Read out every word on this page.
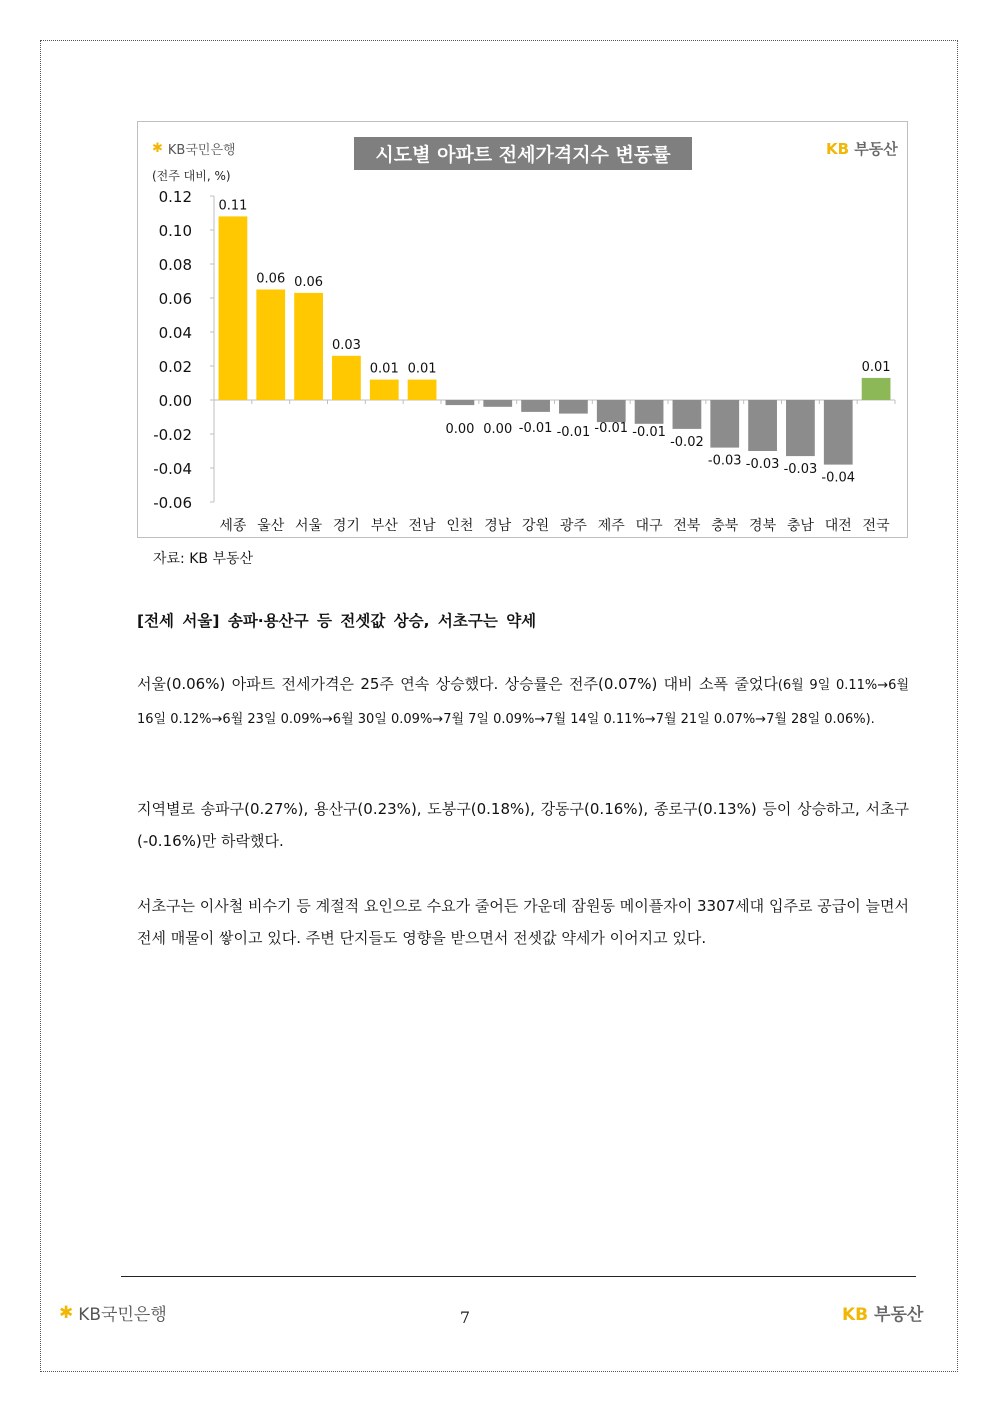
✱ KB국민은행	시도별 아파트 전세가격지수 변동률	KB 부동산
(전주 대비, %)
0.12
0.10
0.08
0.06
0.04
0.02
0.00
-0.02
-0.04
-0.06
0.11
세종
0.06
울산
0.06
서울
0.03
경기
0.01
부산
0.01
전남
0.00
인천
0.00
경남
-0.01
강원
-0.01
광주
-0.01
제주
-0.01
대구
-0.02
전북
-0.03
충북
-0.03
경북
-0.03
충남
-0.04
대전
0.01
전국
자료: KB 부동산
[전세 서울] 송파·용산구 등 전셋값 상승, 서초구는 약세
서울(0.06%) 아파트 전세가격은 25주 연속 상승했다. 상승률은 전주(0.07%) 대비 소폭 줄었다(6월 9일 0.11%→6월 16일 0.12%→6월 23일 0.09%→6월 30일 0.09%→7월 7일 0.09%→7월 14일 0.11%→7월 21일 0.07%→7월 28일 0.06%).
지역별로 송파구(0.27%), 용산구(0.23%), 도봉구(0.18%), 강동구(0.16%), 종로구(0.13%) 등이 상승하고, 서초구(-0.16%)만 하락했다.
서초구는 이사철 비수기 등 계절적 요인으로 수요가 줄어든 가운데 잠원동 메이플자이 3307세대 입주로 공급이 늘면서 전세 매물이 쌓이고 있다. 주변 단지들도 영향을 받으면서 전셋값 약세가 이어지고 있다.
✱ KB국민은행	7	KB 부동산
